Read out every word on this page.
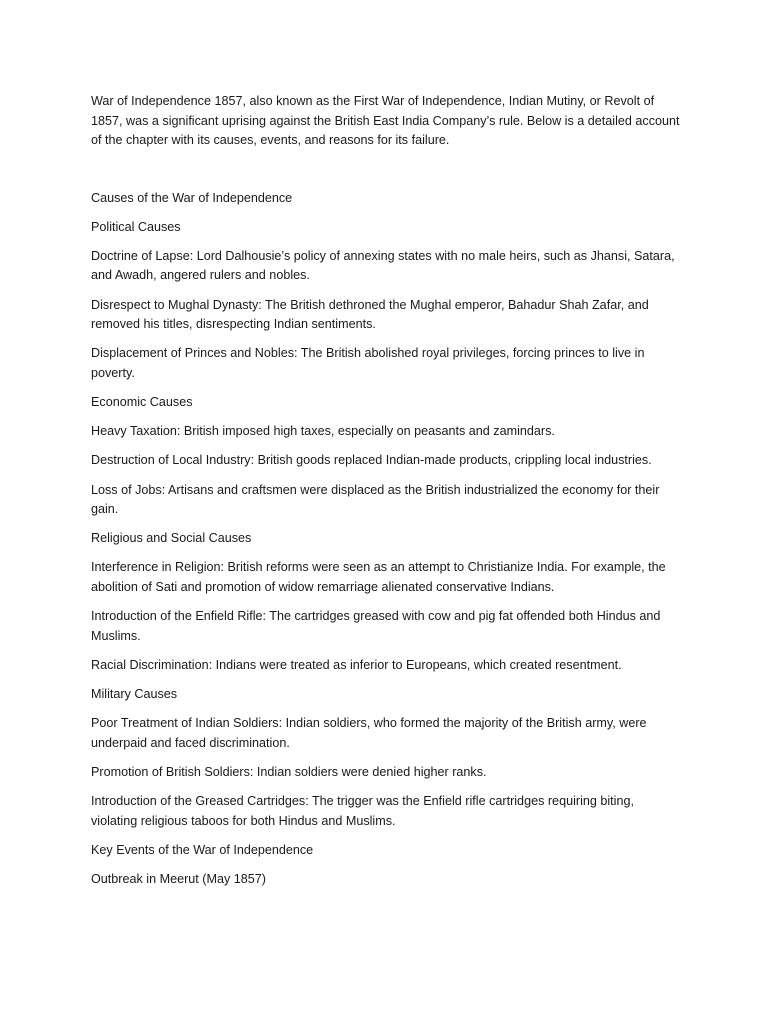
War of Independence 1857, also known as the First War of Independence, Indian Mutiny, or Revolt of 1857, was a significant uprising against the British East India Company’s rule. Below is a detailed account of the chapter with its causes, events, and reasons for its failure.

Causes of the War of Independence

Political Causes

Doctrine of Lapse: Lord Dalhousie’s policy of annexing states with no male heirs, such as Jhansi, Satara, and Awadh, angered rulers and nobles.

Disrespect to Mughal Dynasty: The British dethroned the Mughal emperor, Bahadur Shah Zafar, and removed his titles, disrespecting Indian sentiments.

Displacement of Princes and Nobles: The British abolished royal privileges, forcing princes to live in poverty.

Economic Causes

Heavy Taxation: British imposed high taxes, especially on peasants and zamindars.

Destruction of Local Industry: British goods replaced Indian-made products, crippling local industries.

Loss of Jobs: Artisans and craftsmen were displaced as the British industrialized the economy for their gain.

Religious and Social Causes

Interference in Religion: British reforms were seen as an attempt to Christianize India. For example, the abolition of Sati and promotion of widow remarriage alienated conservative Indians.

Introduction of the Enfield Rifle: The cartridges greased with cow and pig fat offended both Hindus and Muslims.

Racial Discrimination: Indians were treated as inferior to Europeans, which created resentment.

Military Causes

Poor Treatment of Indian Soldiers: Indian soldiers, who formed the majority of the British army, were underpaid and faced discrimination.

Promotion of British Soldiers: Indian soldiers were denied higher ranks.

Introduction of the Greased Cartridges: The trigger was the Enfield rifle cartridges requiring biting, violating religious taboos for both Hindus and Muslims.

Key Events of the War of Independence

Outbreak in Meerut (May 1857)
